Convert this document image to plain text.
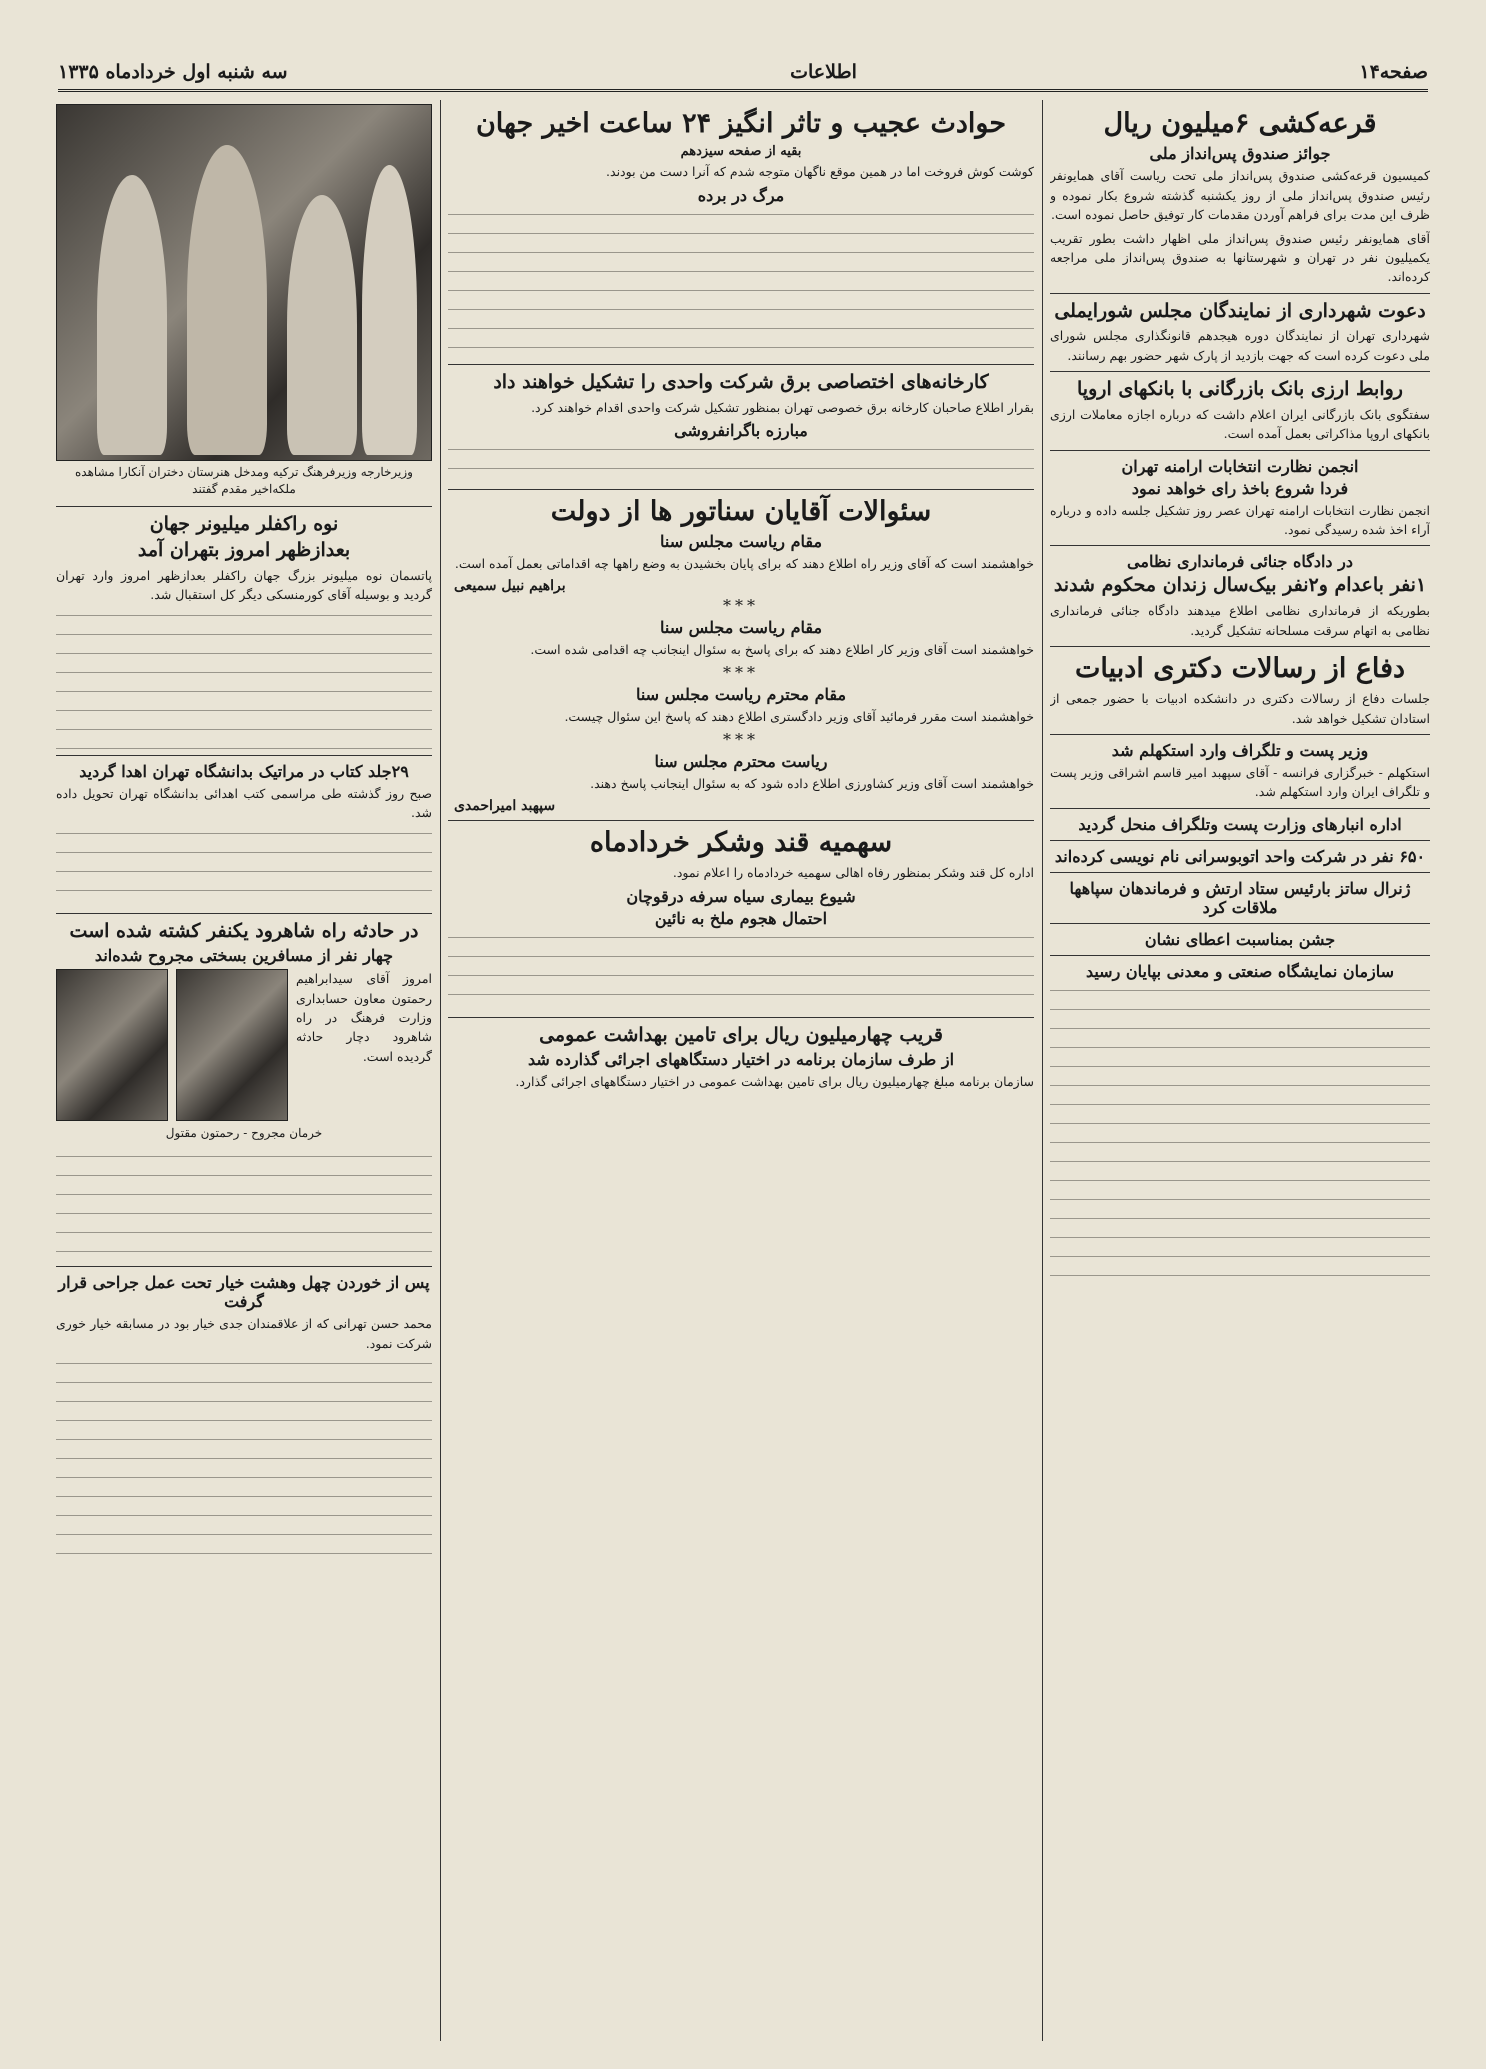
صفحه۱۴
اطلاعات
سه شنبه اول خردادماه ۱۳۳۵
قرعه‌کشی ۶میلیون ریال
جوائز صندوق پس‌انداز ملی
کمیسیون قرعه‌کشی صندوق پس‌انداز ملی تحت ریاست آقای همایونفر رئیس صندوق پس‌انداز ملی از روز یکشنبه گذشته شروع بکار نموده و ظرف این مدت برای فراهم آوردن مقدمات کار توفیق حاصل نموده است.
آقای همایونفر رئیس صندوق پس‌انداز ملی اظهار داشت بطور تقریب یکمیلیون نفر در تهران و شهرستانها به صندوق پس‌انداز ملی مراجعه کرده‌اند.
دعوت شهرداری از نمایندگان مجلس شورایملی
شهرداری تهران از نمایندگان دوره هیجدهم قانونگذاری مجلس شورای ملی دعوت کرده است که جهت بازدید از پارک شهر حضور بهم رسانند.
روابط ارزی بانک بازرگانی با بانکهای اروپا
سفتگوی بانک بازرگانی ایران اعلام داشت که درباره اجازه معاملات ارزی بانکهای اروپا مذاکراتی بعمل آمده است.
انجمن نظارت انتخابات ارامنه تهران
فردا شروع باخذ رای خواهد نمود
انجمن نظارت انتخابات ارامنه تهران عصر روز تشکیل جلسه داده و درباره آراء اخذ شده رسیدگی نمود.
در دادگاه جنائی فرمانداری نظامی
۱نفر باعدام و۲نفر بیک‌سال زندان محکوم شدند
بطوریکه از فرمانداری نظامی اطلاع میدهند دادگاه جنائی فرمانداری نظامی به اتهام سرقت مسلحانه تشکیل گردید.
دفاع از رسالات دکتری ادبیات
جلسات دفاع از رسالات دکتری در دانشکده ادبیات با حضور جمعی از استادان تشکیل خواهد شد.
وزیر پست و تلگراف وارد استکهلم شد
استکهلم - خبرگزاری فرانسه - آقای سپهبد امیر قاسم اشراقی وزیر پست و تلگراف ایران وارد استکهلم شد.
اداره انبارهای وزارت پست وتلگراف منحل گردید
۶۵۰ نفر در شرکت واحد اتوبوسرانی نام نویسی کرده‌اند
ژنرال ساتز بارئیس ستاد ارتش و فرماندهان سپاهها ملاقات کرد
جشن بمناسبت اعطای نشان
سازمان نمایشگاه صنعتی و معدنی بپایان رسید
حوادث عجیب و تاثر انگیز ۲۴ ساعت اخیر جهان
بقیه از صفحه سیزدهم
کوشت کوش فروخت اما در همین موقع ناگهان متوجه شدم که آنرا دست من بودند.
مرگ در برده
کارخانه‌های اختصاصی برق شرکت واحدی را تشکیل خواهند داد
بقرار اطلاع صاحبان کارخانه برق خصوصی تهران بمنظور تشکیل شرکت واحدی اقدام خواهند کرد.
مبارزه باگرانفروشی
سئوالات آقایان سناتور ها از دولت
مقام ریاست مجلس سنا
خواهشمند است که آقای وزیر راه اطلاع دهند که برای پایان بخشیدن به وضع راهها چه اقداماتی بعمل آمده است.
براهیم نبیل سمیعی
***
مقام ریاست مجلس سنا
خواهشمند است آقای وزیر کار اطلاع دهند که برای پاسخ به سئوال اینجانب چه اقدامی شده است.
***
مقام محترم ریاست مجلس سنا
خواهشمند است مقرر فرمائید آقای وزیر دادگستری اطلاع دهند که پاسخ این سئوال چیست.
***
ریاست محترم مجلس سنا
خواهشمند است آقای وزیر کشاورزی اطلاع داده شود که به سئوال اینجانب پاسخ دهند.
سپهبد امیراحمدی
سهمیه قند وشکر خردادماه
اداره کل قند وشکر بمنظور رفاه اهالی سهمیه خردادماه را اعلام نمود.
شیوع بیماری سیاه سرفه درقوچان
احتمال هجوم ملخ به نائین
قریب چهارمیلیون ریال برای تامین بهداشت عمومی
از طرف سازمان برنامه در اختیار دستگاههای اجرائی گذارده شد
سازمان برنامه مبلغ چهارمیلیون ریال برای تامین بهداشت عمومی در اختیار دستگاههای اجرائی گذارد.
وزیرخارجه وزیرفرهنگ ترکیه ومدخل هنرستان دختران آنکارا مشاهده ملکه‌اخیر مقدم گفتند
نوه راکفلر میلیونر جهان
بعدازظهر امروز بتهران آمد
پاتسمان نوه میلیونر بزرگ جهان راکفلر بعدازظهر امروز وارد تهران گردید و بوسیله آقای کورمنسکی دیگر کل استقبال شد.
۲۹جلد کتاب در مراتیک بدانشگاه تهران اهدا گردید
صبح روز گذشته طی مراسمی کتب اهدائی بدانشگاه تهران تحویل داده شد.
در حادثه راه شاهرود یکنفر کشته شده است
چهار نفر از مسافرین بسختی مجروح شده‌اند
امروز آقای سیدابراهیم رحمتون معاون حسابداری وزارت فرهنگ در راه شاهرود دچار حادثه گردیده است.
خرمان مجروح - رحمتون مقتول
پس از خوردن چهل وهشت خیار تحت عمل جراحی قرار گرفت
محمد حسن تهرانی که از علاقمندان جدی خیار بود در مسابقه خیار خوری شرکت نمود.
